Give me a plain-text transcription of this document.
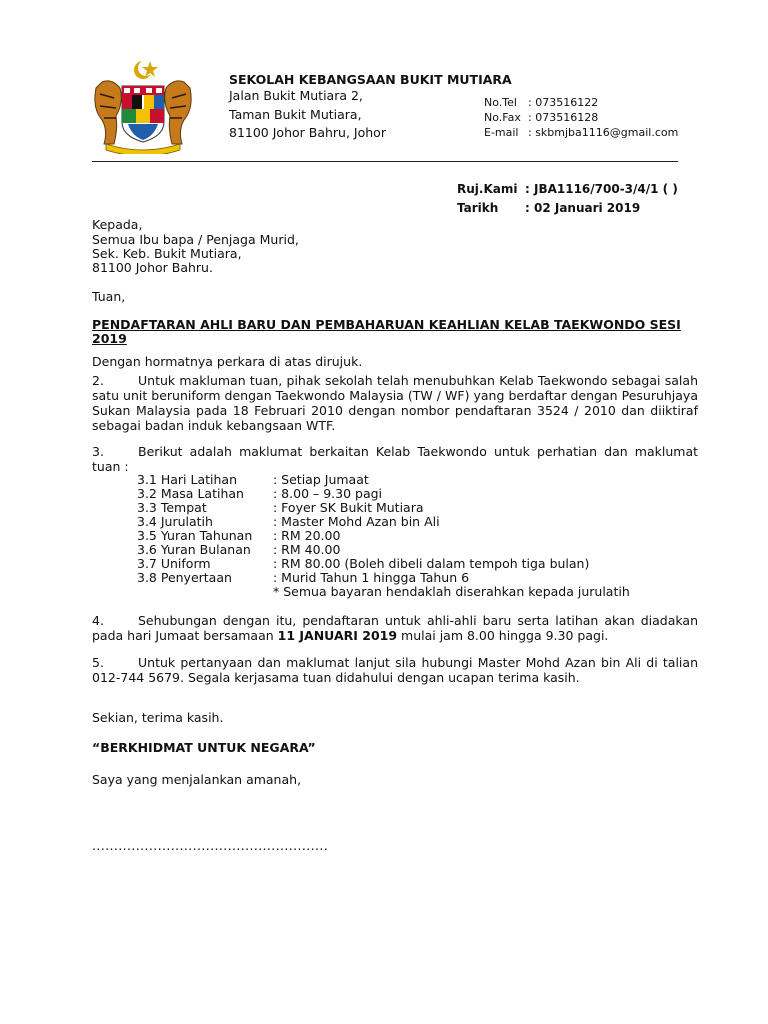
SEKOLAH KEBANGSAAN BUKIT MUTIARA
Jalan Bukit Mutiara 2,
Taman Bukit Mutiara,
81100 Johor Bahru, Johor
No.Tel : 073516122
No.Fax : 073516128
E-mail : skbmjba1116@gmail.com
Ruj.Kami : JBA1116/700-3/4/1 ( )
Tarikh : 02 Januari 2019
Kepada,
Semua Ibu bapa / Penjaga Murid,
Sek. Keb. Bukit Mutiara,
81100 Johor Bahru.
Tuan,
PENDAFTARAN AHLI BARU DAN PEMBAHARUAN KEAHLIAN KELAB TAEKWONDO SESI 2019
Dengan hormatnya perkara di atas dirujuk.
2.	Untuk makluman tuan, pihak sekolah telah menubuhkan Kelab Taekwondo sebagai salah satu unit beruniform dengan Taekwondo Malaysia (TW / WF) yang berdaftar dengan Pesuruhjaya Sukan Malaysia pada 18 Februari 2010 dengan nombor pendaftaran 3524 / 2010 dan diiktiraf sebagai badan induk kebangsaan WTF.
3.	Berikut adalah maklumat berkaitan Kelab Taekwondo untuk perhatian dan maklumat tuan :
3.1 Hari Latihan	: Setiap Jumaat
3.2 Masa Latihan : 8.00 – 9.30 pagi
3.3 Tempat	: Foyer SK Bukit Mutiara
3.4 Jurulatih	: Master Mohd Azan bin Ali
3.5 Yuran Tahunan : RM 20.00
3.6 Yuran Bulanan : RM 40.00
3.7 Uniform	: RM 80.00 (Boleh dibeli dalam tempoh tiga bulan)
3.8 Penyertaan	: Murid Tahun 1 hingga Tahun 6
* Semua bayaran hendaklah diserahkan kepada jurulatih
4.	Sehubungan dengan itu, pendaftaran untuk ahli-ahli baru serta latihan akan diadakan pada hari Jumaat bersamaan 11 JANUARI 2019 mulai jam 8.00 hingga 9.30 pagi.
5.	Untuk pertanyaan dan maklumat lanjut sila hubungi Master Mohd Azan bin Ali di talian 012-744 5679. Segala kerjasama tuan didahului dengan ucapan terima kasih.
Sekian, terima kasih.
“BERKHIDMAT UNTUK NEGARA”
Saya yang menjalankan amanah,
......................................................
